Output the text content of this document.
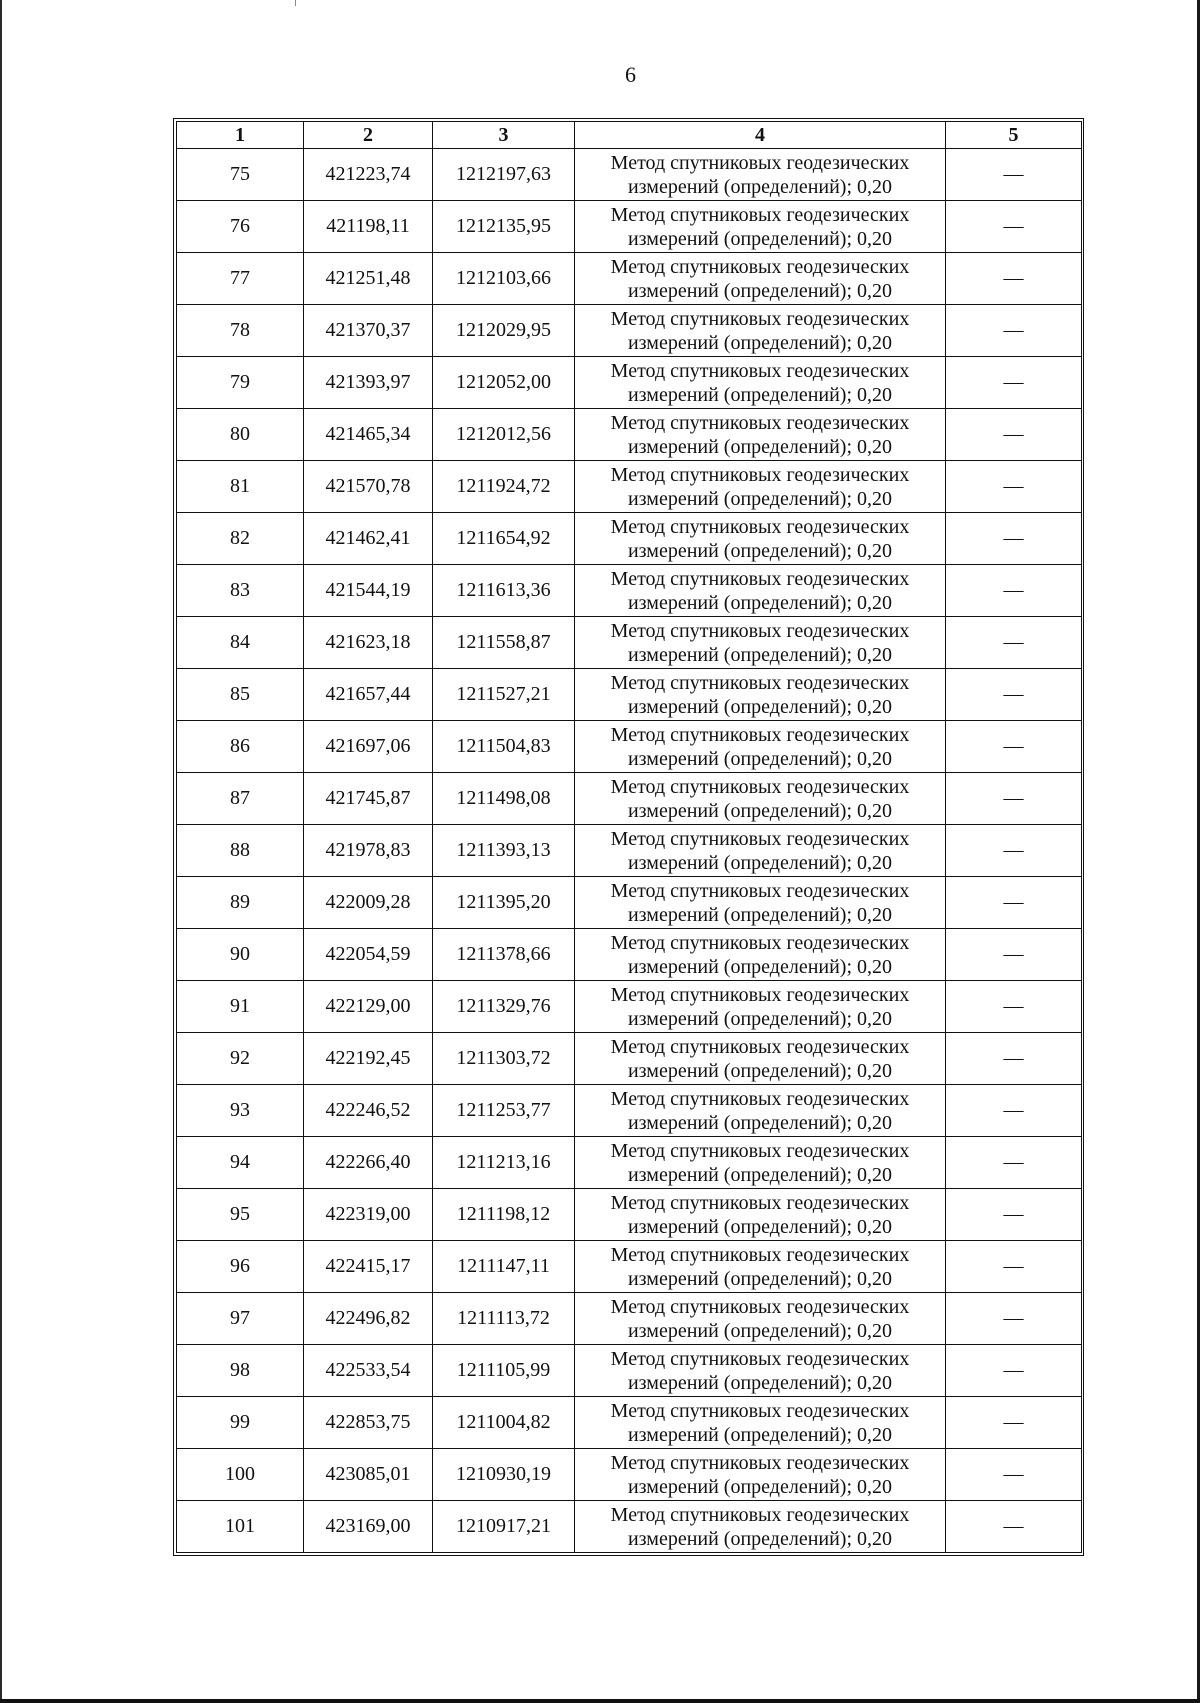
6
1	2	3	4	5
75	421223,74	1212197,63	Метод спутниковых геодезических
измерений (определений); 0,20	—
76	421198,11	1212135,95	Метод спутниковых геодезических
измерений (определений); 0,20	—
77	421251,48	1212103,66	Метод спутниковых геодезических
измерений (определений); 0,20	—
78	421370,37	1212029,95	Метод спутниковых геодезических
измерений (определений); 0,20	—
79	421393,97	1212052,00	Метод спутниковых геодезических
измерений (определений); 0,20	—
80	421465,34	1212012,56	Метод спутниковых геодезических
измерений (определений); 0,20	—
81	421570,78	1211924,72	Метод спутниковых геодезических
измерений (определений); 0,20	—
82	421462,41	1211654,92	Метод спутниковых геодезических
измерений (определений); 0,20	—
83	421544,19	1211613,36	Метод спутниковых геодезических
измерений (определений); 0,20	—
84	421623,18	1211558,87	Метод спутниковых геодезических
измерений (определений); 0,20	—
85	421657,44	1211527,21	Метод спутниковых геодезических
измерений (определений); 0,20	—
86	421697,06	1211504,83	Метод спутниковых геодезических
измерений (определений); 0,20	—
87	421745,87	1211498,08	Метод спутниковых геодезических
измерений (определений); 0,20	—
88	421978,83	1211393,13	Метод спутниковых геодезических
измерений (определений); 0,20	—
89	422009,28	1211395,20	Метод спутниковых геодезических
измерений (определений); 0,20	—
90	422054,59	1211378,66	Метод спутниковых геодезических
измерений (определений); 0,20	—
91	422129,00	1211329,76	Метод спутниковых геодезических
измерений (определений); 0,20	—
92	422192,45	1211303,72	Метод спутниковых геодезических
измерений (определений); 0,20	—
93	422246,52	1211253,77	Метод спутниковых геодезических
измерений (определений); 0,20	—
94	422266,40	1211213,16	Метод спутниковых геодезических
измерений (определений); 0,20	—
95	422319,00	1211198,12	Метод спутниковых геодезических
измерений (определений); 0,20	—
96	422415,17	1211147,11	Метод спутниковых геодезических
измерений (определений); 0,20	—
97	422496,82	1211113,72	Метод спутниковых геодезических
измерений (определений); 0,20	—
98	422533,54	1211105,99	Метод спутниковых геодезических
измерений (определений); 0,20	—
99	422853,75	1211004,82	Метод спутниковых геодезических
измерений (определений); 0,20	—
100	423085,01	1210930,19	Метод спутниковых геодезических
измерений (определений); 0,20	—
101	423169,00	1210917,21	Метод спутниковых геодезических
измерений (определений); 0,20	—
